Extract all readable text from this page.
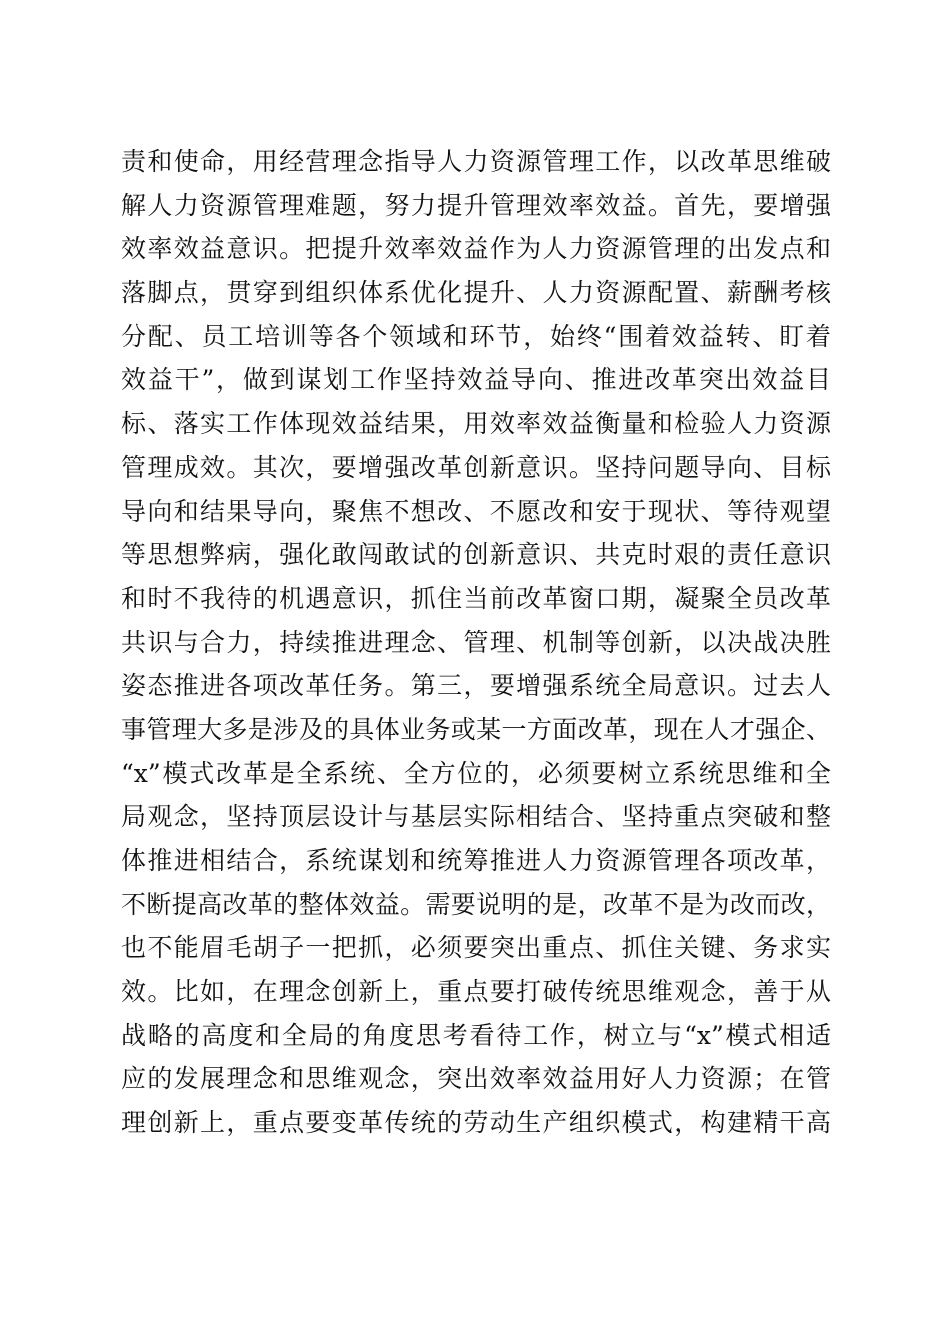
责和使命，用经营理念指导人力资源管理工作，以改革思维破
解人力资源管理难题，努力提升管理效率效益。首先，要增强
效率效益意识。把提升效率效益作为人力资源管理的出发点和
落脚点，贯穿到组织体系优化提升、人力资源配置、薪酬考核
分配、员工培训等各个领域和环节，始终“围着效益转、盯着
效益干”，做到谋划工作坚持效益导向、推进改革突出效益目
标、落实工作体现效益结果，用效率效益衡量和检验人力资源
管理成效。其次，要增强改革创新意识。坚持问题导向、目标
导向和结果导向，聚焦不想改、不愿改和安于现状、等待观望
等思想弊病，强化敢闯敢试的创新意识、共克时艰的责任意识
和时不我待的机遇意识，抓住当前改革窗口期，凝聚全员改革
共识与合力，持续推进理念、管理、机制等创新，以决战决胜
姿态推进各项改革任务。第三，要增强系统全局意识。过去人
事管理大多是涉及的具体业务或某一方面改革，现在人才强企、
“x”模式改革是全系统、全方位的，必须要树立系统思维和全
局观念，坚持顶层设计与基层实际相结合、坚持重点突破和整
体推进相结合，系统谋划和统筹推进人力资源管理各项改革，
不断提高改革的整体效益。需要说明的是，改革不是为改而改，
也不能眉毛胡子一把抓，必须要突出重点、抓住关键、务求实
效。比如，在理念创新上，重点要打破传统思维观念，善于从
战略的高度和全局的角度思考看待工作，树立与“x”模式相适
应的发展理念和思维观念，突出效率效益用好人力资源；在管
理创新上，重点要变革传统的劳动生产组织模式，构建精干高
